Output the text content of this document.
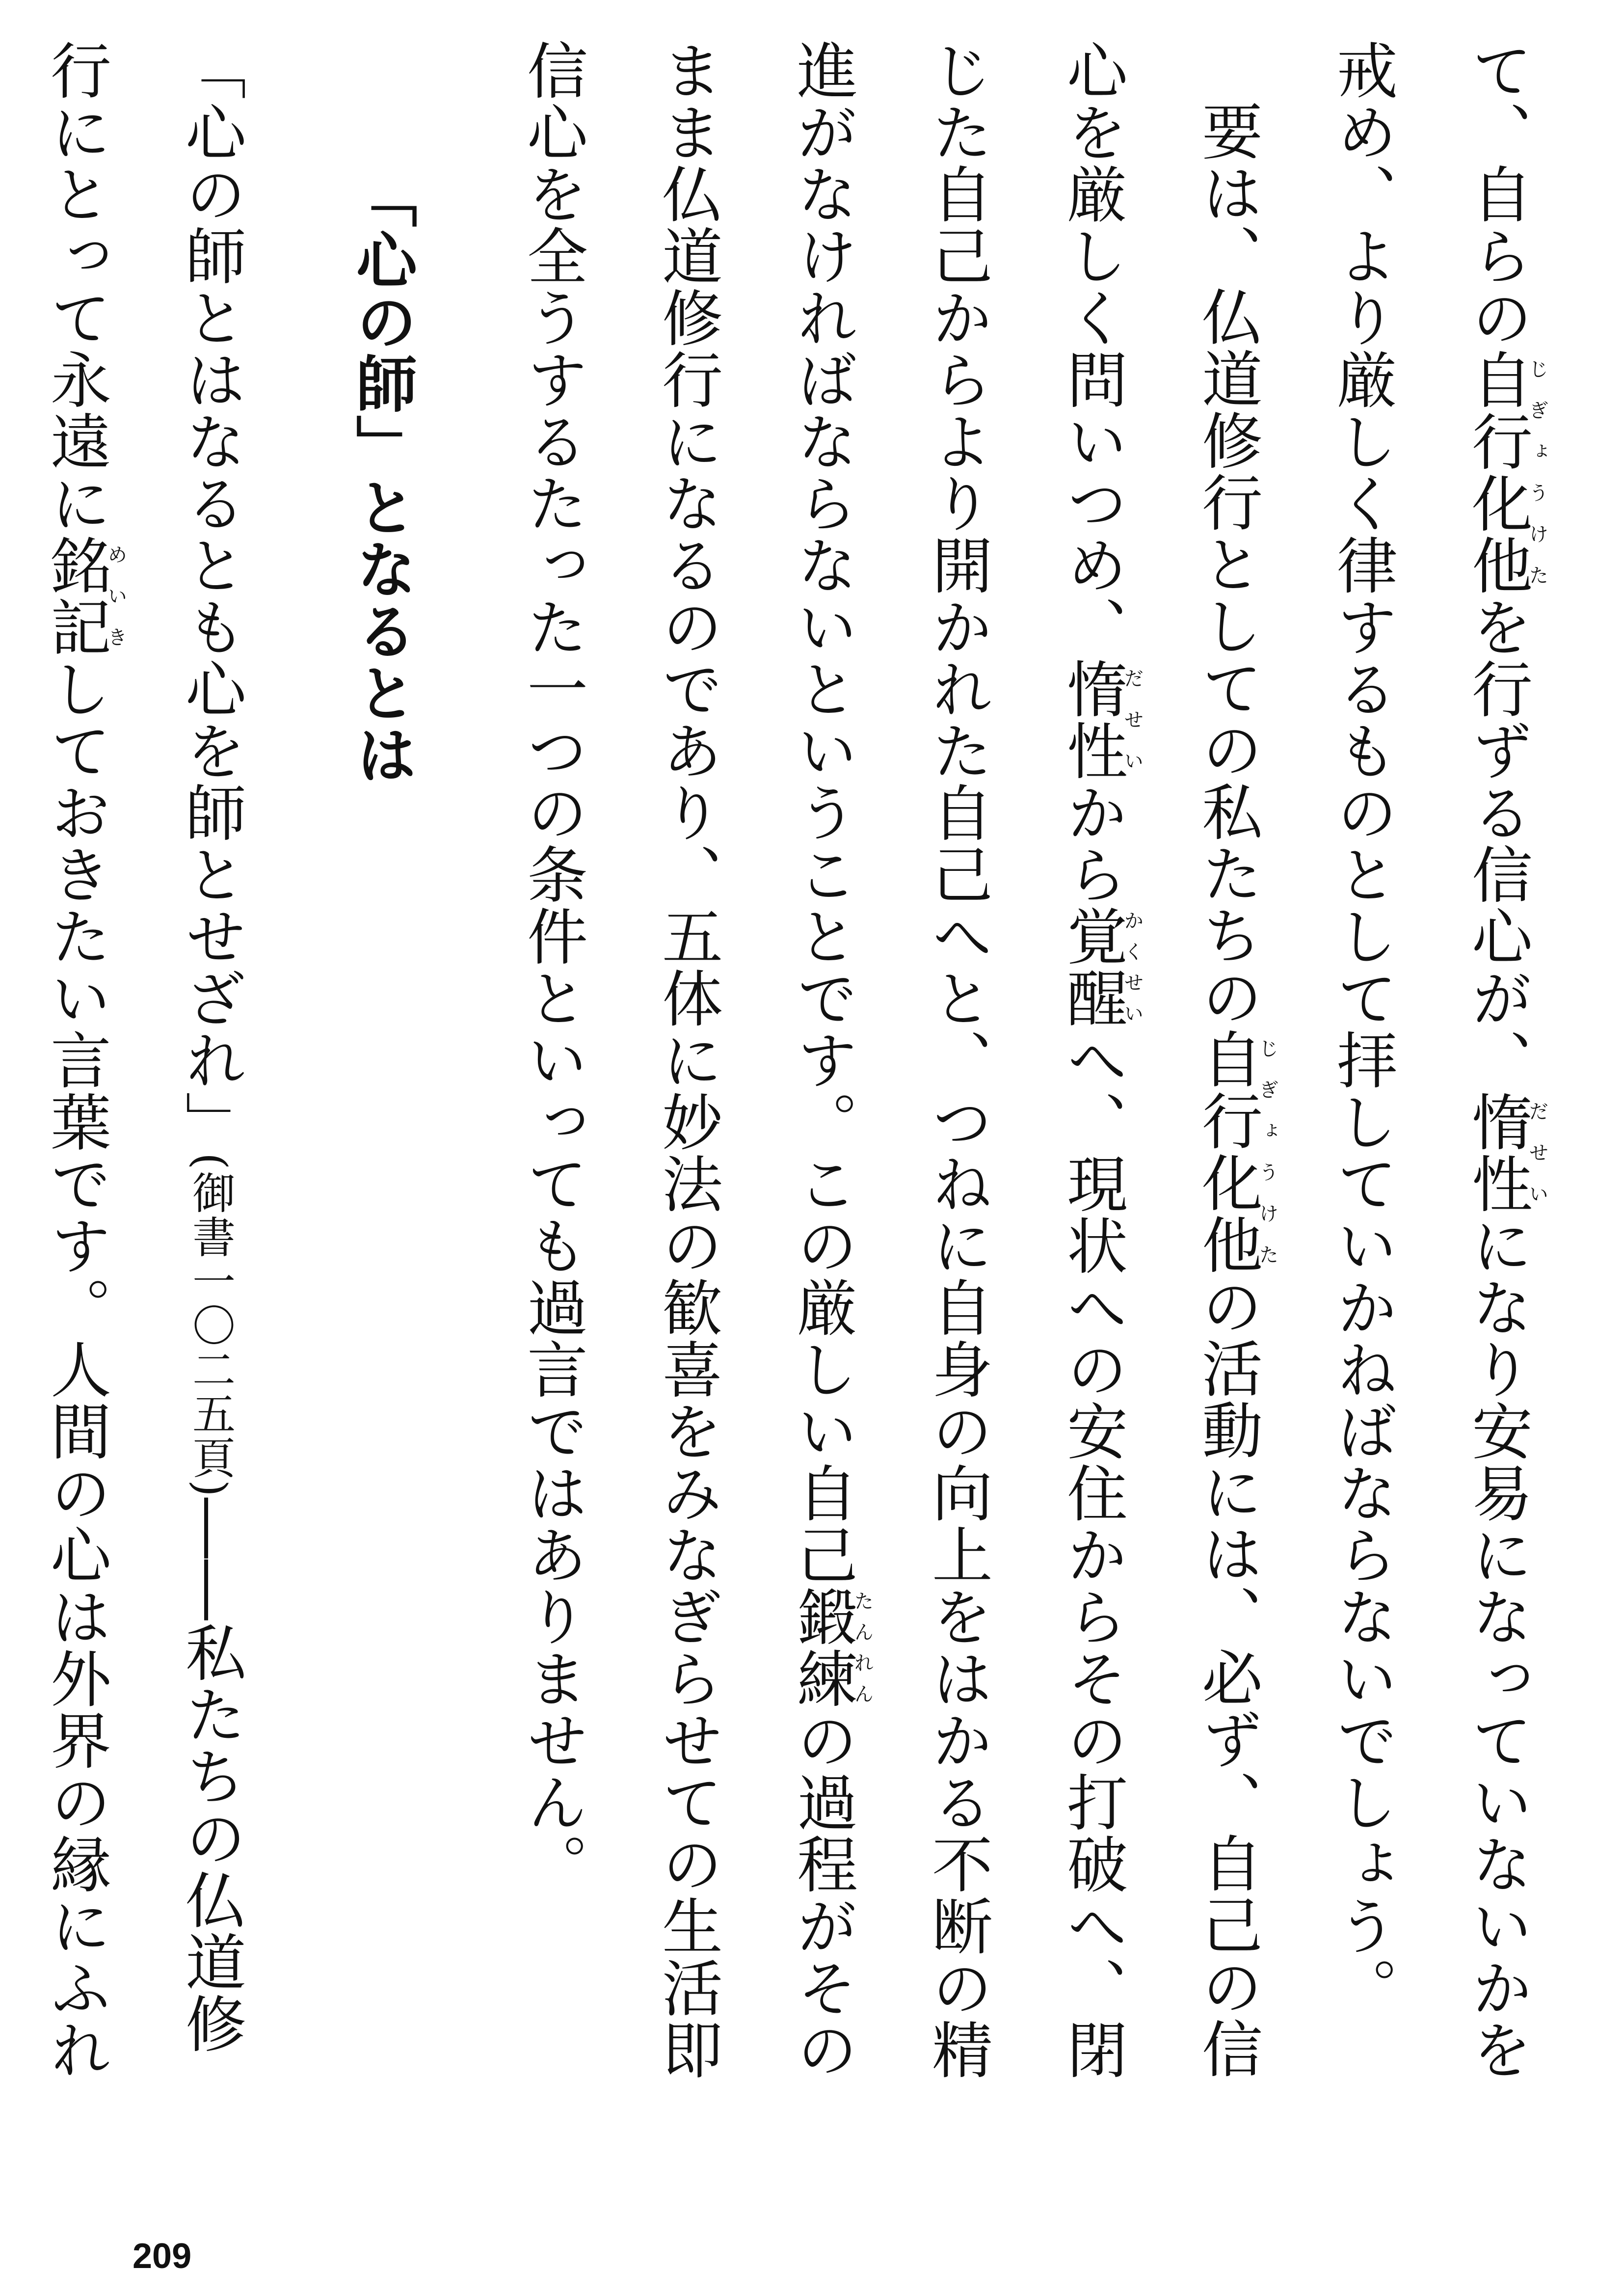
て、自らの自行化他じぎょうけたを行ずる信心が、惰性だせいになり安易になっていないかを戒め、より厳しく律するものとして拝していかねばならないでしょう。

要は、仏道修行としての私たちの自行化他じぎょうけたの活動には、必ず、自己の信心を厳しく問いつめ、惰性だせいから覚醒かくせいへ、現状への安住からその打破へ、閉じた自己からより開かれた自己へと、つねに自身の向上をはかる不断の精進がなければならないということです。この厳しい自己鍛たん練れんの過程がそのまま仏道修行になるのであり、五体に妙法の歓喜をみなぎらせての生活即信心を全うするたった一つの条件といっても過言ではありません。

「心の師」となるとは

「心の師とはなるとも心を師とせざれ」(御書一〇二五頁)――私たちの仏道修行にとって永遠に銘記めいきしておきたい言葉です。人間の心は外界の縁にふれ

209
